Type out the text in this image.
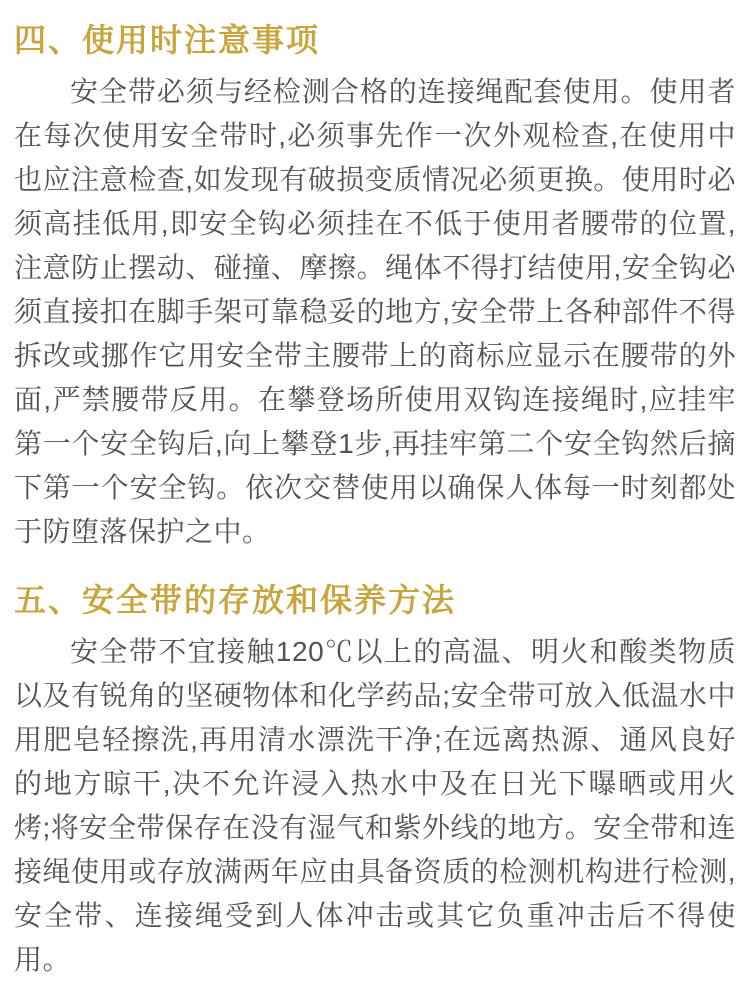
四、使用时注意事项

安全带必须与经检测合格的连接绳配套使用。使用者在每次使用安全带时,必须事先作一次外观检查,在使用中也应注意检查,如发现有破损变质情况必须更换。使用时必须高挂低用,即安全钩必须挂在不低于使用者腰带的位置,注意防止摆动、碰撞、摩擦。绳体不得打结使用,安全钩必须直接扣在脚手架可靠稳妥的地方,安全带上各种部件不得拆改或挪作它用安全带主腰带上的商标应显示在腰带的外面,严禁腰带反用。在攀登场所使用双钩连接绳时,应挂牢第一个安全钩后,向上攀登1步,再挂牢第二个安全钩然后摘下第一个安全钩。依次交替使用以确保人体每一时刻都处于防堕落保护之中。

五、安全带的存放和保养方法

安全带不宜接触120℃以上的高温、明火和酸类物质以及有锐角的坚硬物体和化学药品;安全带可放入低温水中用肥皂轻擦洗,再用清水漂洗干净;在远离热源、通风良好的地方晾干,决不允许浸入热水中及在日光下曝晒或用火烤;将安全带保存在没有湿气和紫外线的地方。安全带和连接绳使用或存放满两年应由具备资质的检测机构进行检测, 安全带、连接绳受到人体冲击或其它负重冲击后不得使用。
